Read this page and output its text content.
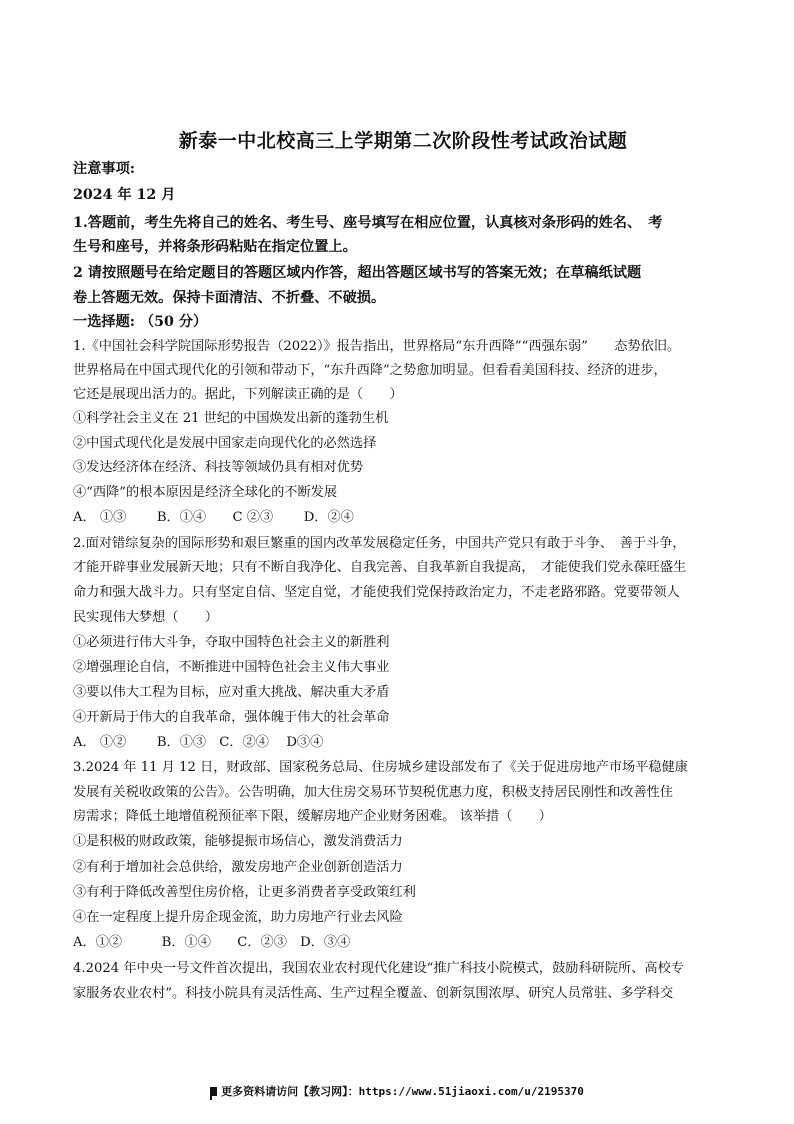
新泰一中北校高三上学期第二次阶段性考试政治试题
注意事项:
2024 年 12 月
1.答题前，考生先将自己的姓名、考生号、座号填写在相应位置，认真核对条形码的姓名、　考
生号和座号，并将条形码粘贴在指定位置上。
2 请按照题号在给定题目的答题区域内作答，超出答题区域书写的答案无效；在草稿纸试题
卷上答题无效。保持卡面清洁、不折叠、不破损。
一选择题: （50 分）
1.《中国社会科学院国际形势报告（2022）》报告指出，世界格局“东升西降”“西强东弱”　　态势依旧。
世界格局在中国式现代化的引领和带动下，“东升西降”之势愈加明显。但看看美国科技、经济的进步，
它还是展现出活力的。据此，下列解读正确的是（　　）
①科学社会主义在 21 世纪的中国焕发出新的蓬勃生机
②中国式现代化是发展中国家走向现代化的必然选择
③发达经济体在经济、科技等领域仍具有相对优势
④“西降”的根本原因是经济全球化的不断发展
A． ①③　　 B．①④　　C ②③　　 D．②④
2.面对错综复杂的国际形势和艰巨繁重的国内改革发展稳定任务，中国共产党只有敢于斗争、　善于斗争，
才能开辟事业发展新天地；只有不断自我净化、自我完善、自我革新自我提高，　才能使我们党永葆旺盛生
命力和强大战斗力。只有坚定自信、坚定自觉，才能使我们党保持政治定力，不走老路邪路。党要带领人
民实现伟大梦想（　　）
①必须进行伟大斗争，夺取中国特色社会主义的新胜利
②增强理论自信，不断推进中国特色社会主义伟大事业
③要以伟大工程为目标，应对重大挑战、解决重大矛盾
④开新局于伟大的自我革命，强体魄于伟大的社会革命
A． ①②　　 B．①③　C．②④　 D③④
3.2024 年 11 月 12 日，财政部、国家税务总局、住房城乡建设部发布了《关于促进房地产市场平稳健康
发展有关税收政策的公告》。公告明确，加大住房交易环节契税优惠力度，积极支持居民刚性和改善性住
房需求；降低土地增值税预征率下限，缓解房地产企业财务困难。 该举措（　　）
①是积极的财政政策，能够提振市场信心，激发消费活力
②有利于增加社会总供给，激发房地产企业创新创造活力
③有利于降低改善型住房价格，让更多消费者享受政策红利
④在一定程度上提升房企现金流，助力房地产行业去风险
A．①②　　　B．①④　　C．②③　D．③④
4.2024 年中央一号文件首次提出，我国农业农村现代化建设“推广科技小院模式，鼓励科研院所、高校专
家服务农业农村”。科技小院具有灵活性高、生产过程全覆盖、创新氛围浓厚、研究人员常驻、多学科交
更多资料请访问【教习网】：https://www.51jiaoxi.com/u/2195370
